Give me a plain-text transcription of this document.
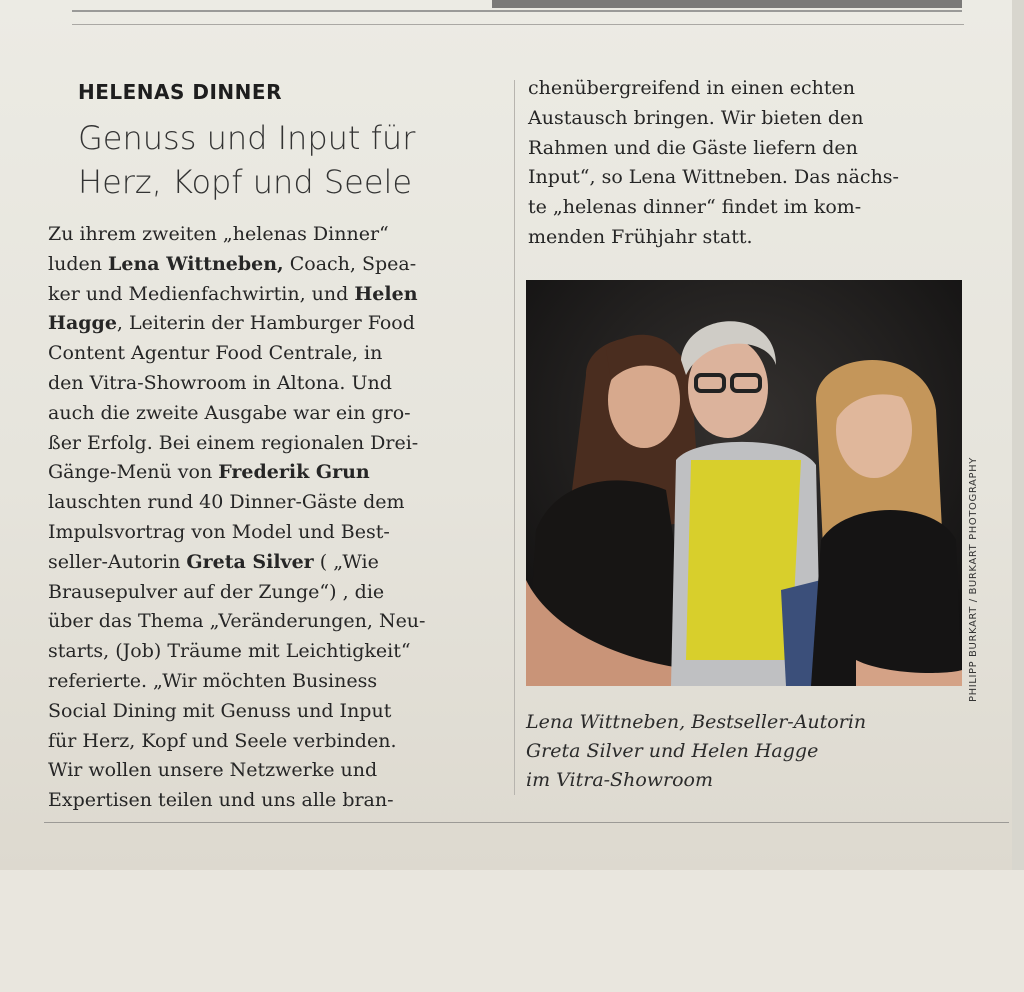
HELENAS DINNER
Genuss und Input für
Herz, Kopf und Seele
Zu ihrem zweiten „helenas Dinner“
luden Lena Wittneben, Coach, Spea-
ker und Medienfachwirtin, und Helen
Hagge, Leiterin der Hamburger Food
Content Agentur Food Centrale, in
den Vitra-Showroom in Altona. Und
auch die zweite Ausgabe war ein gro-
ßer Erfolg. Bei einem regionalen Drei-
Gänge-Menü von Frederik Grun
lauschten rund 40 Dinner-Gäste dem
Impulsvortrag von Model und Best-
seller-Autorin Greta Silver ( „Wie
Brausepulver auf der Zunge“) , die
über das Thema „Veränderungen, Neu-
starts, (Job) Träume mit Leichtigkeit“
referierte. „Wir möchten Business
Social Dining mit Genuss und Input
für Herz, Kopf und Seele verbinden.
Wir wollen unsere Netzwerke und
Expertisen teilen und uns alle bran-
chenübergreifend in einen echten
Austausch bringen. Wir bieten den
Rahmen und die Gäste liefern den
Input“, so Lena Wittneben. Das nächs-
te „helenas dinner“ findet im kom-
menden Frühjahr statt.
PHILIPP BURKART / BURKART PHOTOGRAPHY
Lena Wittneben, Bestseller-Autorin
Greta Silver und Helen Hagge
im Vitra-Showroom
